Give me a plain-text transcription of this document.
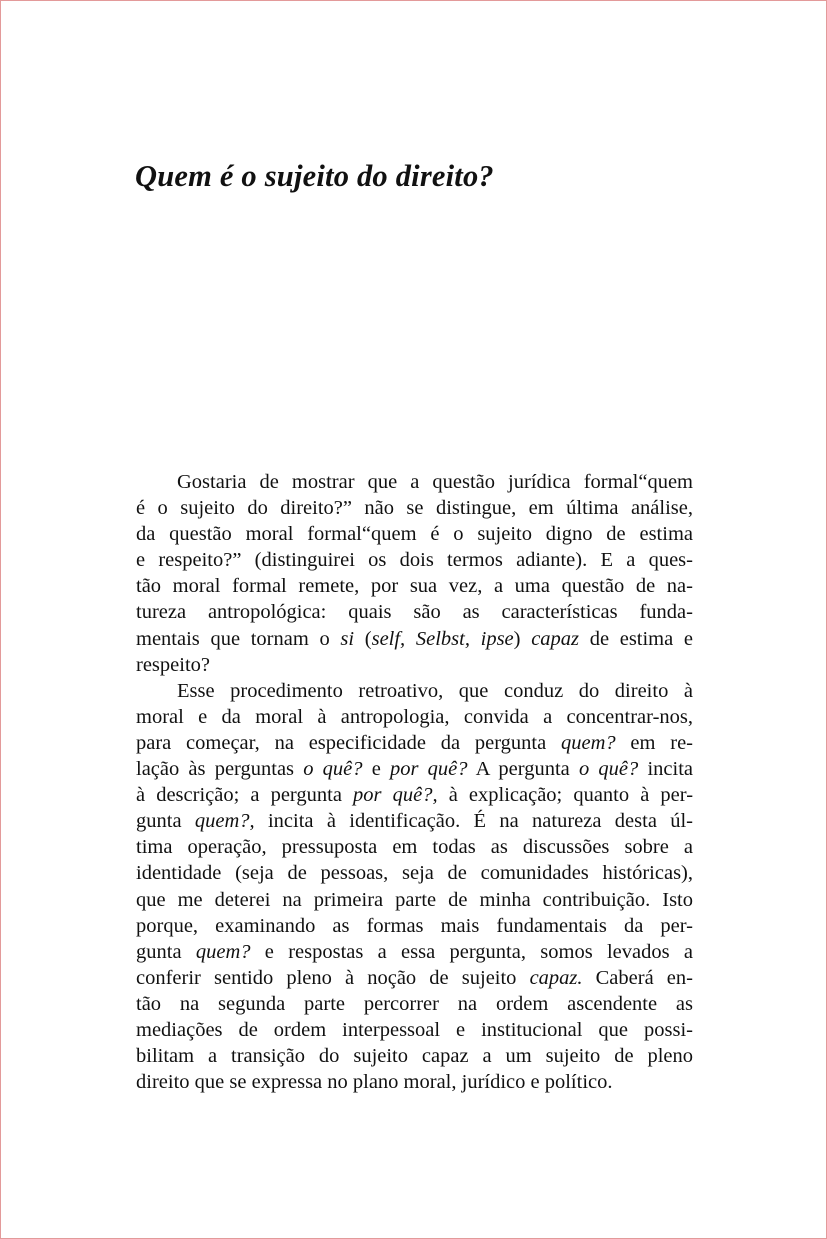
Quem é o sujeito do direito?
Gostaria de mostrar que a questão jurídica formal“quem
é o sujeito do direito?” não se distingue, em última análise,
da questão moral formal“quem é o sujeito digno de estima
e respeito?” (distinguirei os dois termos adiante). E a ques-
tão moral formal remete, por sua vez, a uma questão de na-
tureza antropológica: quais são as características funda-
mentais que tornam o si (self, Selbst, ipse) capaz de estima e
respeito?
Esse procedimento retroativo, que conduz do direito à
moral e da moral à antropologia, convida a concentrar-nos,
para começar, na especificidade da pergunta quem? em re-
lação às perguntas o quê? e por quê? A pergunta o quê? incita
à descrição; a pergunta por quê?, à explicação; quanto à per-
gunta quem?, incita à identificação. É na natureza desta úl-
tima operação, pressuposta em todas as discussões sobre a
identidade (seja de pessoas, seja de comunidades históricas),
que me deterei na primeira parte de minha contribuição. Isto
porque, examinando as formas mais fundamentais da per-
gunta quem? e respostas a essa pergunta, somos levados a
conferir sentido pleno à noção de sujeito capaz. Caberá en-
tão na segunda parte percorrer na ordem ascendente as
mediações de ordem interpessoal e institucional que possi-
bilitam a transição do sujeito capaz a um sujeito de pleno
direito que se expressa no plano moral, jurídico e político.
